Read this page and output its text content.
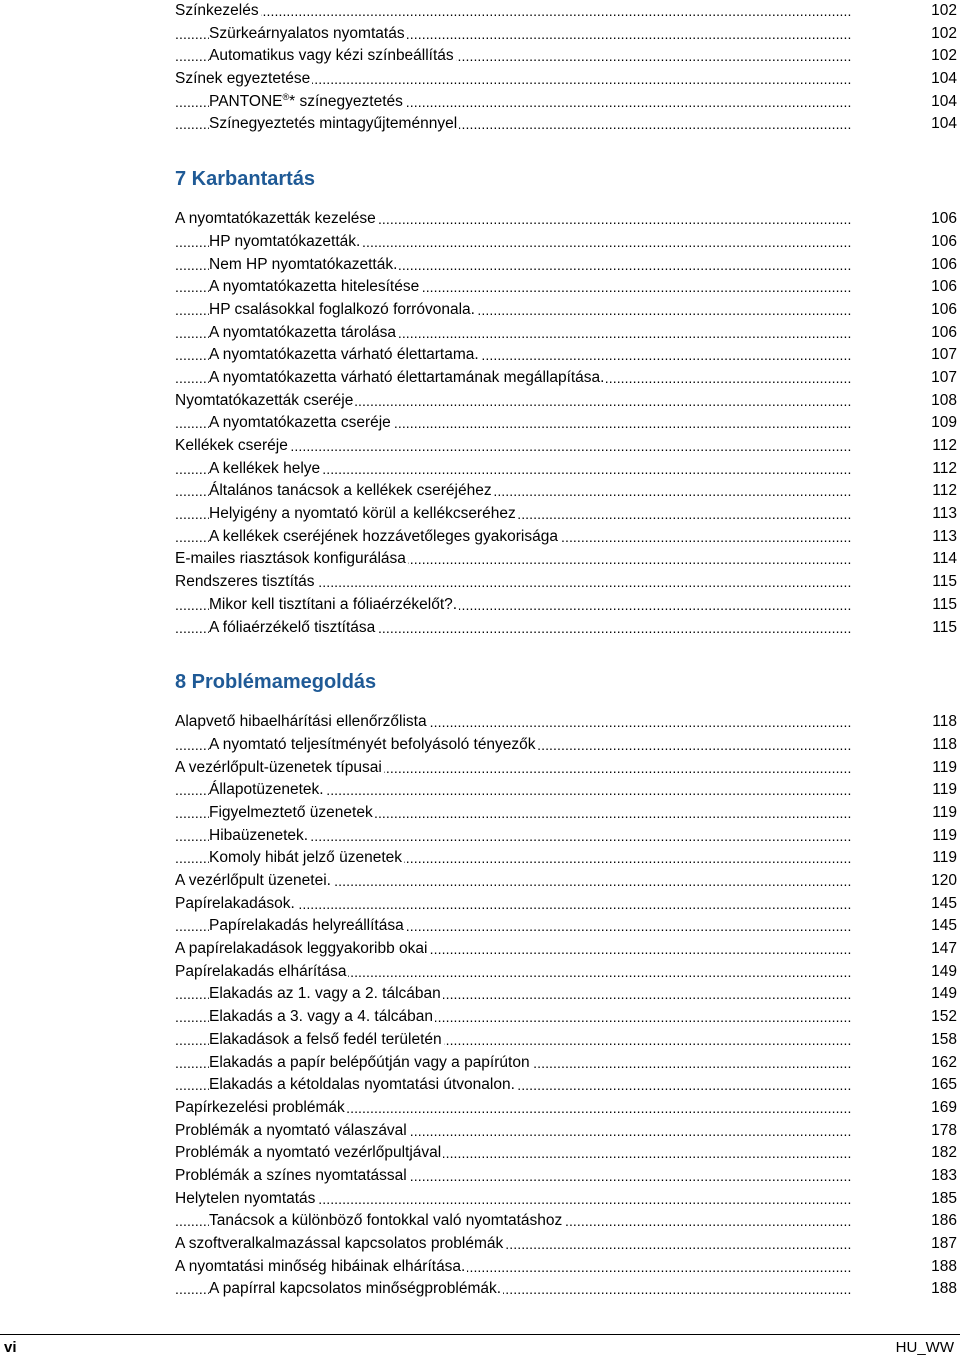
. . .
Színkezelés	102
. . .
Szürkeárnyalatos nyomtatás	102
. . .
Automatikus vagy kézi színbeállítás	102
. . .
Színek egyeztetése	104
. . .
PANTONE®* színegyeztetés	104
. . .
Színegyeztetés mintagyűjteménnyel	104
7 Karbantartás
. . .
A nyomtatókazetták kezelése	106
. . .
HP nyomtatókazetták.	106
. . .
Nem HP nyomtatókazetták.	106
. . .
A nyomtatókazetta hitelesítése	106
. . .
HP csalásokkal foglalkozó forróvonala.	106
. . .
A nyomtatókazetta tárolása	106
. . .
A nyomtatókazetta várható élettartama.	107
. . .
A nyomtatókazetta várható élettartamának megállapítása.	107
. . .
Nyomtatókazetták cseréje	108
. . .
A nyomtatókazetta cseréje	109
. . .
Kellékek cseréje	112
. . .
A kellékek helye	112
. . .
Általános tanácsok a kellékek cseréjéhez	112
. . .
Helyigény a nyomtató körül a kellékcseréhez	113
. . .
A kellékek cseréjének hozzávetőleges gyakorisága	113
. . .
E-mailes riasztások konfigurálása	114
. . .
Rendszeres tisztítás	115
. . .
Mikor kell tisztítani a fóliaérzékelőt?.	115
. . .
A fóliaérzékelő tisztítása	115
8 Problémamegoldás
. . .
Alapvető hibaelhárítási ellenőrzőlista	118
. . .
A nyomtató teljesítményét befolyásoló tényezők	118
. . .
A vezérlőpult-üzenetek típusai	119
. . .
Állapotüzenetek.	119
. . .
Figyelmeztető üzenetek	119
. . .
Hibaüzenetek.	119
. . .
Komoly hibát jelző üzenetek	119
. . .
A vezérlőpult üzenetei.	120
. . .
Papírelakadások.	145
. . .
Papírelakadás helyreállítása	145
. . .
A papírelakadások leggyakoribb okai	147
. . .
Papírelakadás elhárítása	149
. . .
Elakadás az 1. vagy a 2. tálcában	149
. . .
Elakadás a 3. vagy a 4. tálcában	152
. . .
Elakadások a felső fedél területén	158
. . .
Elakadás a papír belépőútján vagy a papírúton	162
. . .
Elakadás a kétoldalas nyomtatási útvonalon.	165
. . .
Papírkezelési problémák	169
. . .
Problémák a nyomtató válaszával	178
. . .
Problémák a nyomtató vezérlőpultjával	182
. . .
Problémák a színes nyomtatással	183
. . .
Helytelen nyomtatás	185
. . .
Tanácsok a különböző fontokkal való nyomtatáshoz	186
. . .
A szoftveralkalmazással kapcsolatos problémák	187
. . .
A nyomtatási minőség hibáinak elhárítása.	188
. . .
A papírral kapcsolatos minőségproblémák.	188
vi	HU_WW
